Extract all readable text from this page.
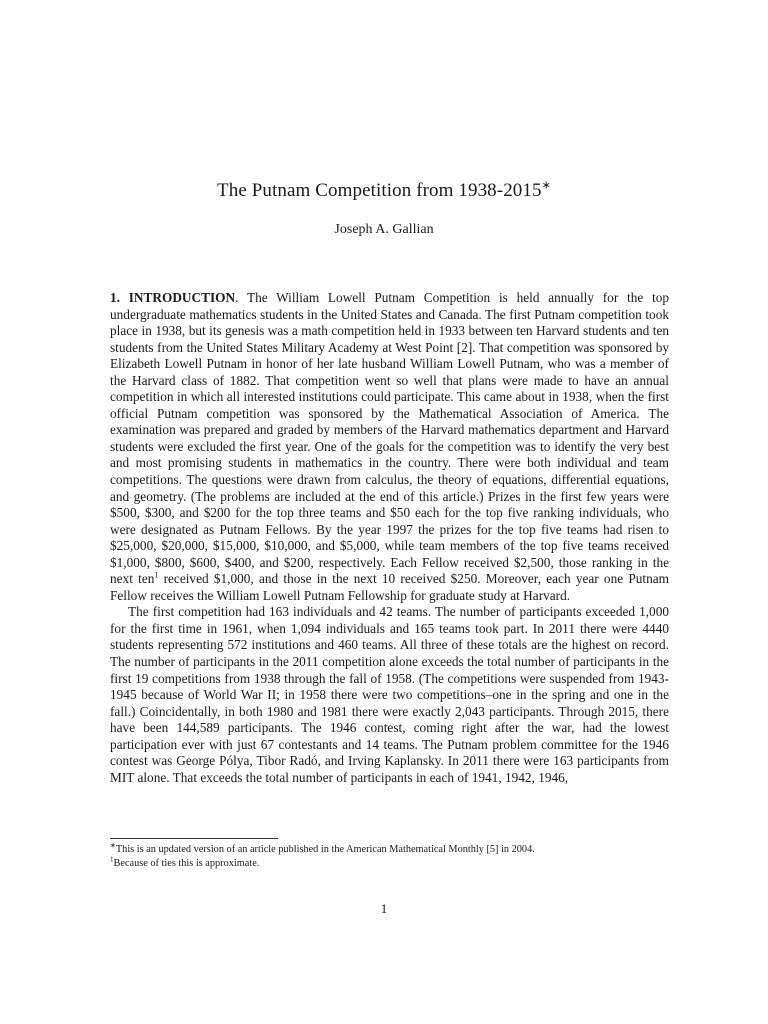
The Putnam Competition from 1938-2015∗
Joseph A. Gallian

1. INTRODUCTION. The William Lowell Putnam Competition is held annually for the top undergraduate mathematics students in the United States and Canada. The first Putnam competition took place in 1938, but its genesis was a math competition held in 1933 between ten Harvard students and ten students from the United States Military Academy at West Point [2]. That competition was sponsored by Elizabeth Lowell Putnam in honor of her late husband William Lowell Putnam, who was a member of the Harvard class of 1882. That competition went so well that plans were made to have an annual competition in which all interested institutions could participate. This came about in 1938, when the first official Putnam competition was sponsored by the Mathematical Association of America. The examination was prepared and graded by members of the Harvard mathematics department and Harvard students were excluded the first year. One of the goals for the competition was to identify the very best and most promising students in mathematics in the country. There were both individual and team competitions. The questions were drawn from calculus, the theory of equations, differential equations, and geometry. (The problems are included at the end of this article.) Prizes in the first few years were $500, $300, and $200 for the top three teams and $50 each for the top five ranking individuals, who were designated as Putnam Fellows. By the year 1997 the prizes for the top five teams had risen to $25,000, $20,000, $15,000, $10,000, and $5,000, while team members of the top five teams received $1,000, $800, $600, $400, and $200, respectively. Each Fellow received $2,500, those ranking in the next ten$^1$ received $1,000, and those in the next 10 received $250. Moreover, each year one Putnam Fellow receives the William Lowell Putnam Fellowship for graduate study at Harvard.

The first competition had 163 individuals and 42 teams. The number of participants exceeded 1,000 for the first time in 1961, when 1,094 individuals and 165 teams took part. In 2011 there were 4440 students representing 572 institutions and 460 teams. All three of these totals are the highest on record. The number of participants in the 2011 competition alone exceeds the total number of participants in the first 19 competitions from 1938 through the fall of 1958. (The competitions were suspended from 1943-1945 because of World War II; in 1958 there were two competitions–one in the spring and one in the fall.) Coincidentally, in both 1980 and 1981 there were exactly 2,043 participants. Through 2015, there have been 144,589 participants. The 1946 contest, coming right after the war, had the lowest participation ever with just 67 contestants and 14 teams. The Putnam problem committee for the 1946 contest was George Pólya, Tibor Radó, and Irving Kaplansky. In 2011 there were 163 participants from MIT alone. That exceeds the total number of participants in each of 1941, 1942, 1946,

∗This is an updated version of an article published in the American Mathematical Monthly [5] in 2004.
$^1$Because of ties this is approximate.
1
